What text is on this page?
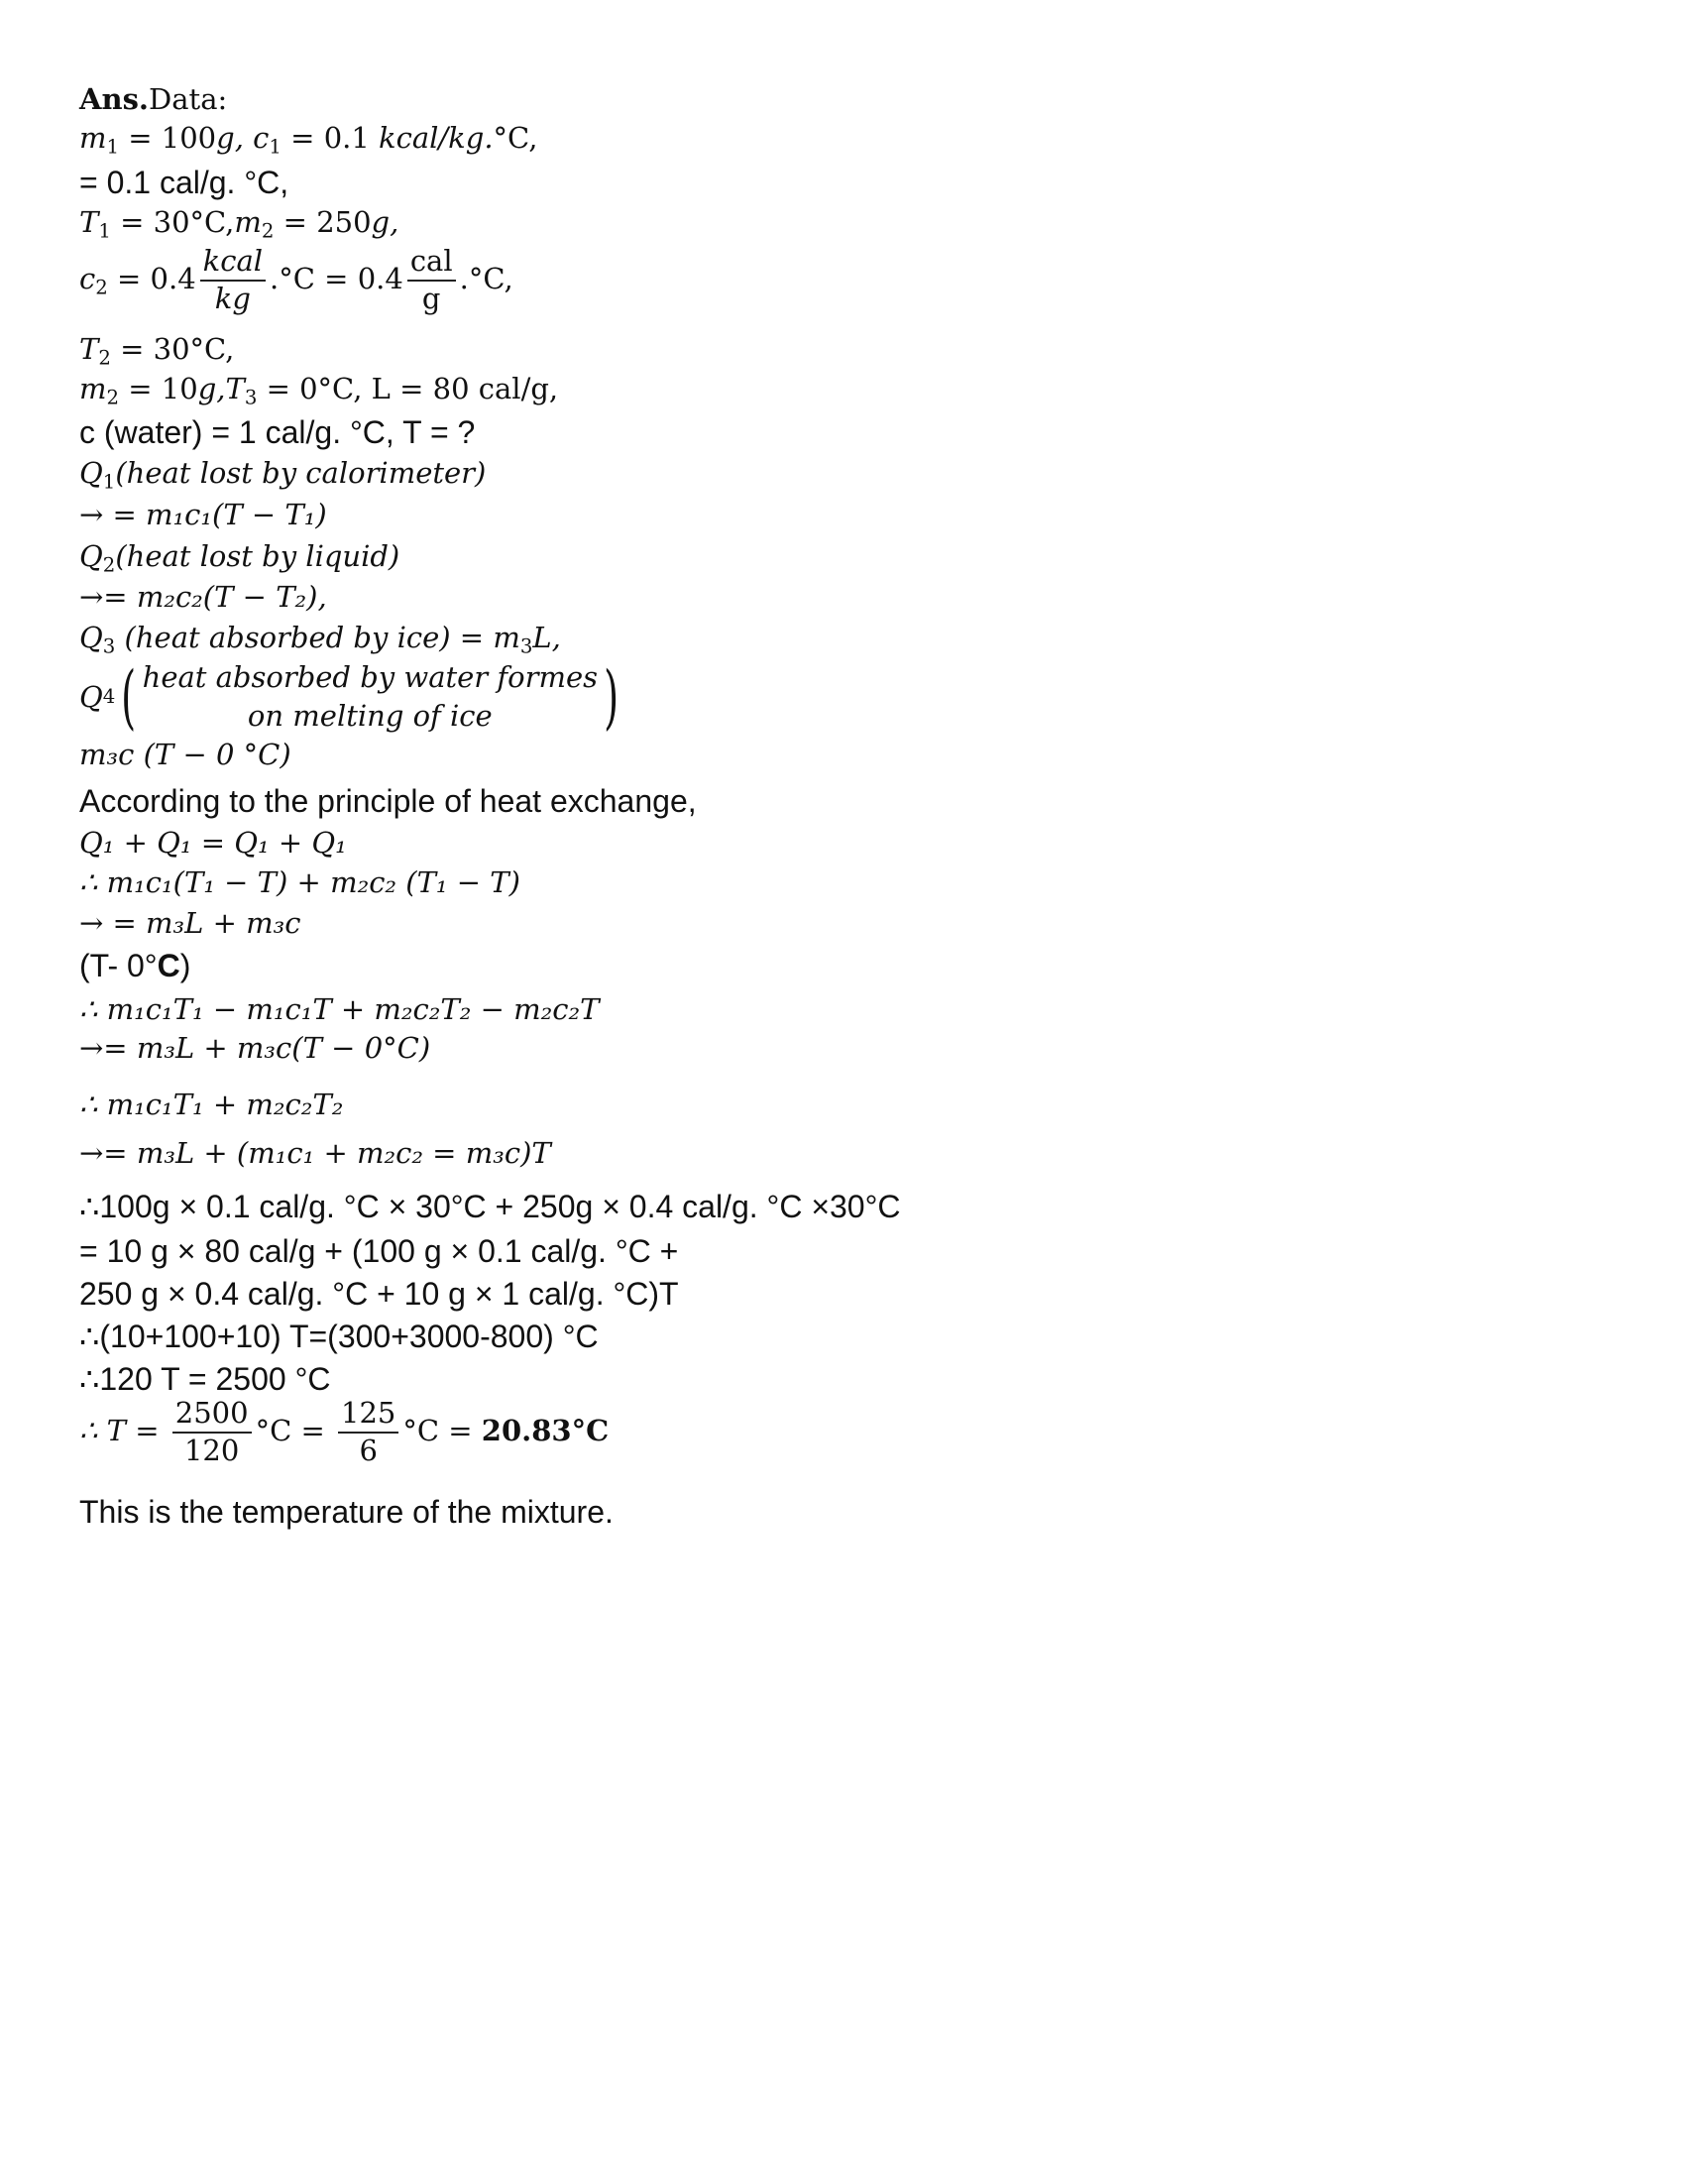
Ans.Data:
$m_1 = 100g$, $c_1 = 0.1$ kcal/kg.°C,
= 0.1 cal/g. °C,
$T_1 = 30^\circ C,m_2 = 250g$,
$c_2 = 0.4 \frac{\text{kcal}}{kg} .^\circ C = 0.4 \frac{\text{cal}}{g} .^\circ C$,
$T_2 = 30^\circ C$,
$m_2 = 10g,T_3 = 0^\circ C$, L = 80 cal/g,
c (water) = 1 cal/g. °C, T = ?
$Q_1(heat$ lost by calorimeter)
→ = m₁c₁(T − T₁)
$Q_2(heat$ lost by liquid)
→= m₂c₂(T − T₂),
$Q_3$ (heat absorbed by $ice) = m_3L$,
Q 4 ( heat absorbed by water formes
on melting of ice )
m₃c (T − 0 °C)
According to the principle of heat exchange,
Q₁ + Q₁ = Q₁ + Q₁
∴ m₁c₁(T₁ − T) + m₂c₂ (T₁ − T)
→ = m₃L + m₃c
(T- 0°C)
∴ m₁c₁T₁ − m₁c₁T + m₂c₂T₂ − m₂c₂T
→= m₃L + m₃c(T − 0°C)
∴ m₁c₁T₁ + m₂c₂T₂
→= m₃L + (m₁c₁ + m₂c₂ = m₃c)T
∴100g × 0.1 cal/g. °C × 30°C + 250g × 0.4 cal/g. °C ×30°C
= 10 g × 80 cal/g + (100 g × 0.1 cal/g. °C +
250 g × 0.4 cal/g. °C + 10 g × 1 cal/g. °C)T
∴(10+100+10) T=(300+3000-800) °C
∴120 T = 2500 °C
∴ $T = \frac{2500}{120} ^\circ C = \frac{125}{6} ^\circ C = 20.83^\circ C$
This is the temperature of the mixture.
